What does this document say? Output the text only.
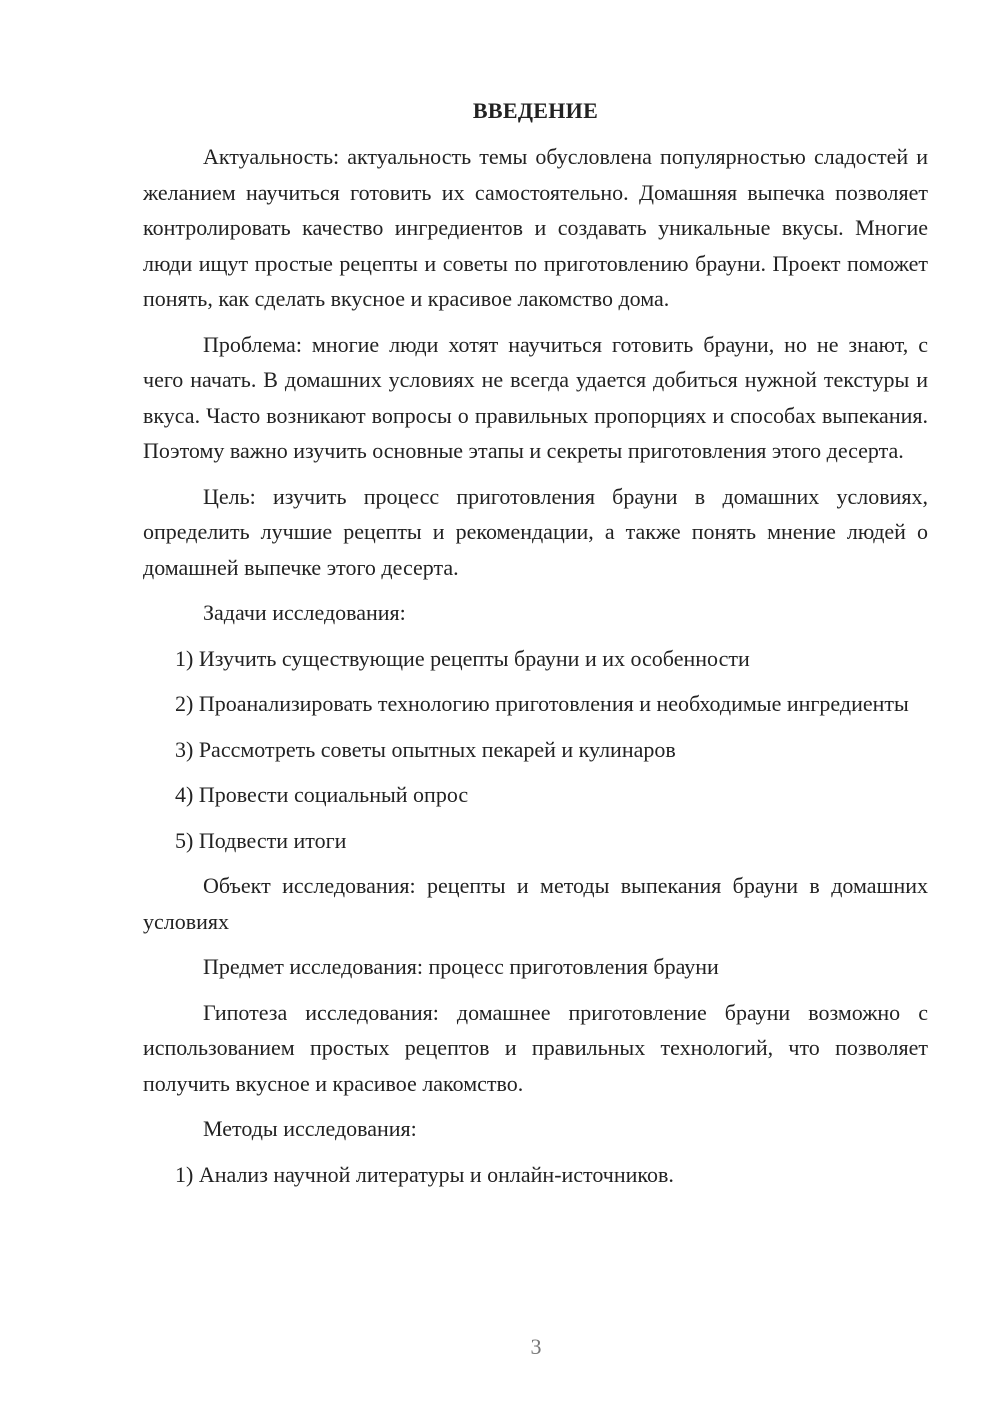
ВВЕДЕНИЕ

Актуальность: актуальность темы обусловлена популярностью сладостей и желанием научиться готовить их самостоятельно. Домашняя выпечка позволяет контролировать качество ингредиентов и создавать уникальные вкусы. Многие люди ищут простые рецепты и советы по приготовлению брауни. Проект поможет понять, как сделать вкусное и красивое лакомство дома.

Проблема: многие люди хотят научиться готовить брауни, но не знают, с чего начать. В домашних условиях не всегда удается добиться нужной текстуры и вкуса. Часто возникают вопросы о правильных пропорциях и способах выпекания. Поэтому важно изучить основные этапы и секреты приготовления этого десерта.

Цель: изучить процесс приготовления брауни в домашних условиях, определить лучшие рецепты и рекомендации, а также понять мнение людей о домашней выпечке этого десерта.

Задачи исследования:

1) Изучить существующие рецепты брауни и их особенности

2) Проанализировать технологию приготовления и необходимые ингредиенты

3) Рассмотреть советы опытных пекарей и кулинаров

4) Провести социальный опрос

5) Подвести итоги

Объект исследования: рецепты и методы выпекания брауни в домашних условиях

Предмет исследования: процесс приготовления брауни

Гипотеза исследования: домашнее приготовление брауни возможно с использованием простых рецептов и правильных технологий, что позволяет получить вкусное и красивое лакомство.

Методы исследования:

1) Анализ научной литературы и онлайн-источников.

3
